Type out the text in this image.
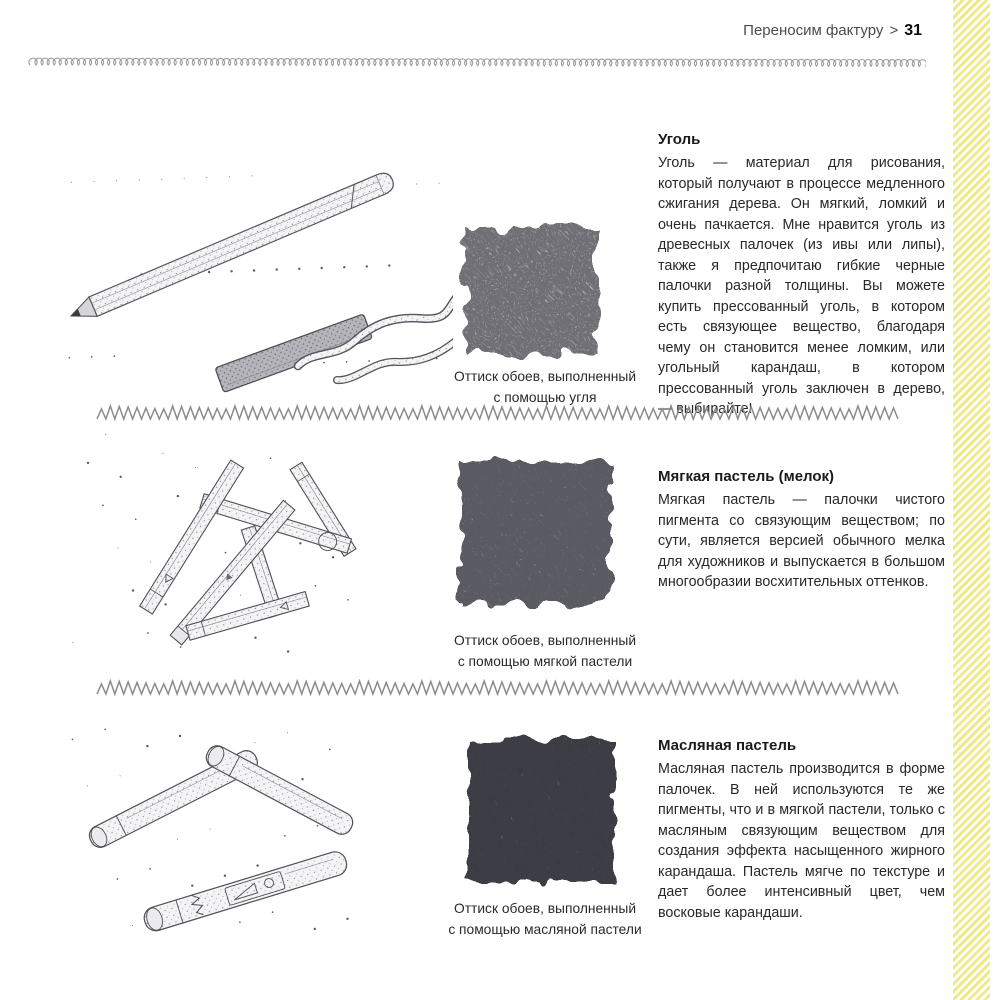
Переносим фактуру > 31
Оттиск обоев, выполненный
с помощью угля
Уголь

Уголь — материал для рисования, который получают в процессе медленного сжигания дерева. Он мягкий, ломкий и очень пачкается. Мне нравится уголь из древесных палочек (из ивы или липы), также я предпочитаю гибкие черные палочки разной толщины. Вы можете купить прессованный уголь, в котором есть связующее вещество, благодаря чему он становится менее ломким, или угольный карандаш, в котором прессованный уголь заключен в дерево, — выбирайте!

Оттиск обоев, выполненный
с помощью мягкой пастели
Мягкая пастель (мелок)

Мягкая пастель — палочки чистого пигмента со связующим веществом; по сути, является версией обычного мелка для художников и выпускается в большом многообразии восхитительных оттенков.

Оттиск обоев, выполненный
с помощью масляной пастели
Масляная пастель

Масляная пастель производится в форме палочек. В ней используются те же пигменты, что и в мягкой пастели, только с масляным связующим веществом для создания эффекта насыщенного жирного карандаша. Пастель мягче по текстуре и дает более интенсивный цвет, чем восковые карандаши.
